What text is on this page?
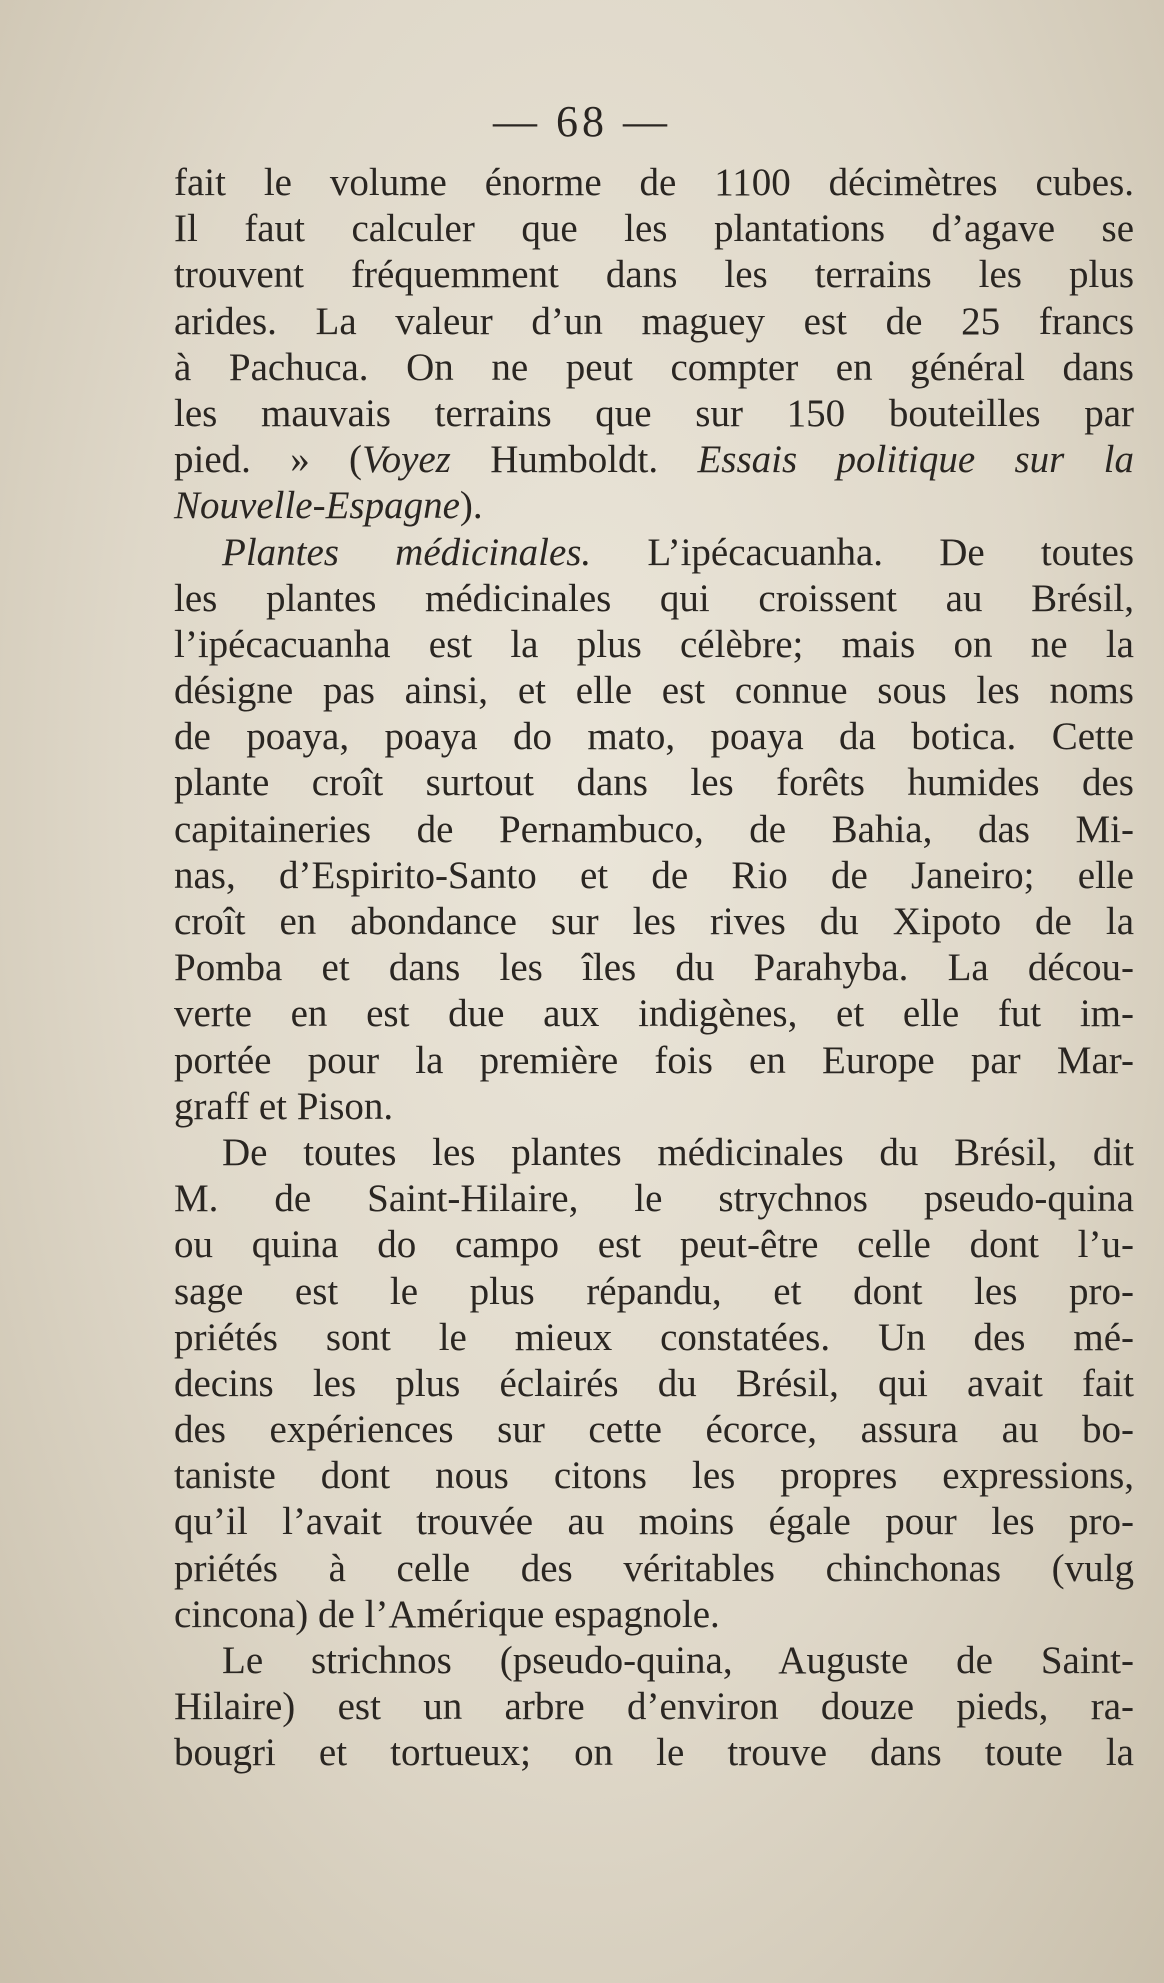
— 68 —
fait le volume énorme de 1100 décimètres cubes.
Il faut calculer que les plantations d’agave se
trouvent fréquemment dans les terrains les plus
arides. La valeur d’un maguey est de 25 francs
à Pachuca. On ne peut compter en général dans
les mauvais terrains que sur 150 bouteilles par
pied. » (Voyez Humboldt. Essais politique sur la
Nouvelle-Espagne).
Plantes médicinales. L’ipécacuanha. De toutes
les plantes médicinales qui croissent au Brésil,
l’ipécacuanha est la plus célèbre; mais on ne la
désigne pas ainsi, et elle est connue sous les noms
de poaya, poaya do mato, poaya da botica. Cette
plante croît surtout dans les forêts humides des
capitaineries de Pernambuco, de Bahia, das Mi-
nas, d’Espirito-Santo et de Rio de Janeiro; elle
croît en abondance sur les rives du Xipoto de la
Pomba et dans les îles du Parahyba. La décou-
verte en est due aux indigènes, et elle fut im-
portée pour la première fois en Europe par Mar-
graff et Pison.
De toutes les plantes médicinales du Brésil, dit
M. de Saint-Hilaire, le strychnos pseudo-quina
ou quina do campo est peut-être celle dont l’u-
sage est le plus répandu, et dont les pro-
priétés sont le mieux constatées. Un des mé-
decins les plus éclairés du Brésil, qui avait fait
des expériences sur cette écorce, assura au bo-
taniste dont nous citons les propres expressions,
qu’il l’avait trouvée au moins égale pour les pro-
priétés à celle des véritables chinchonas (vulg
cincona) de l’Amérique espagnole.
Le strichnos (pseudo-quina, Auguste de Saint-
Hilaire) est un arbre d’environ douze pieds, ra-
bougri et tortueux; on le trouve dans toute la
